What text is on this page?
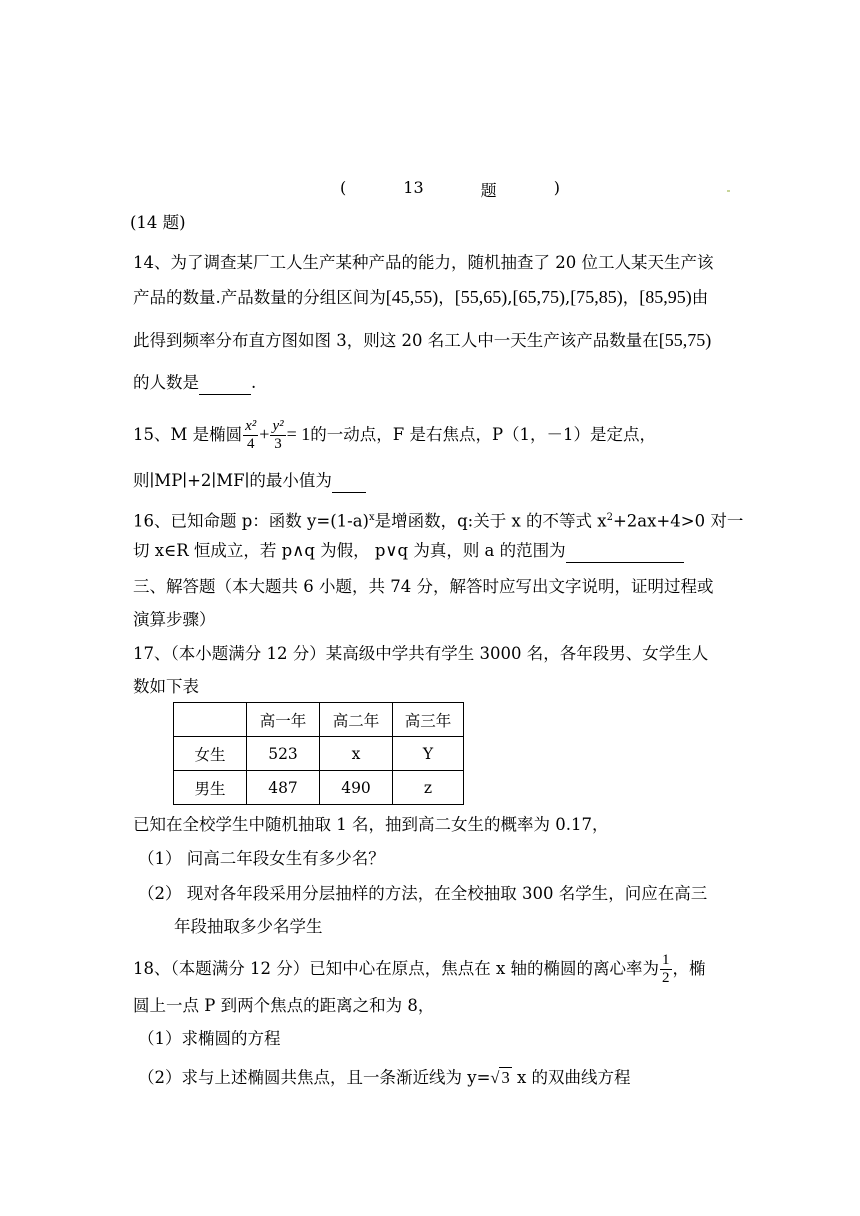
(	13	题	)
(14 题)
14、为了调查某厂工人生产某种产品的能力，随机抽查了 20 位工人某天生产该
产品的数量.产品数量的分组区间为[45,55)，[55,65),[65,75),[75,85)，[85,95)由
此得到频率分布直方图如图 3，则这 20 名工人中一天生产该产品数量在[55,75)
的人数是	.
15、M 是椭圆 $\frac{\text{x²}}{4} + \frac{\text{y²}}{3} = 1$的一动点，F 是右焦点，P（1，－1）是定点，
则∣MP∣+2∣MF∣的最小值为
16、已知命题 p：函数 $y=(1-a)^x$是增函数，q:关于 x 的不等式 $x^2+2ax+4>0$ 对一
切 x∈R 恒成立，若 p∧q 为假， p∨q 为真，则 a 的范围为
三、解答题（本大题共 6 小题，共 74 分，解答时应写出文字说明，证明过程或
演算步骤）
17、（本小题满分 12 分）某高级中学共有学生 3000 名，各年段男、女学生人
数如下表
	高一年	高二年	高三年
女生	523	x	Y
男生	487	490	z
已知在全校学生中随机抽取 1 名，抽到高二女生的概率为 0.17，
（1） 问高二年段女生有多少名？
（2） 现对各年段采用分层抽样的方法，在全校抽取 300 名学生，问应在高三
年段抽取多少名学生
18、（本题满分 12 分）已知中心在原点，焦点在 x 轴的椭圆的离心率为 $\frac{1}{2}$ ，椭
圆上一点 P 到两个焦点的距离之和为 8，
（1）求椭圆的方程
（2）求与上述椭圆共焦点，且一条渐近线为 y=√ 3 x 的双曲线方程
